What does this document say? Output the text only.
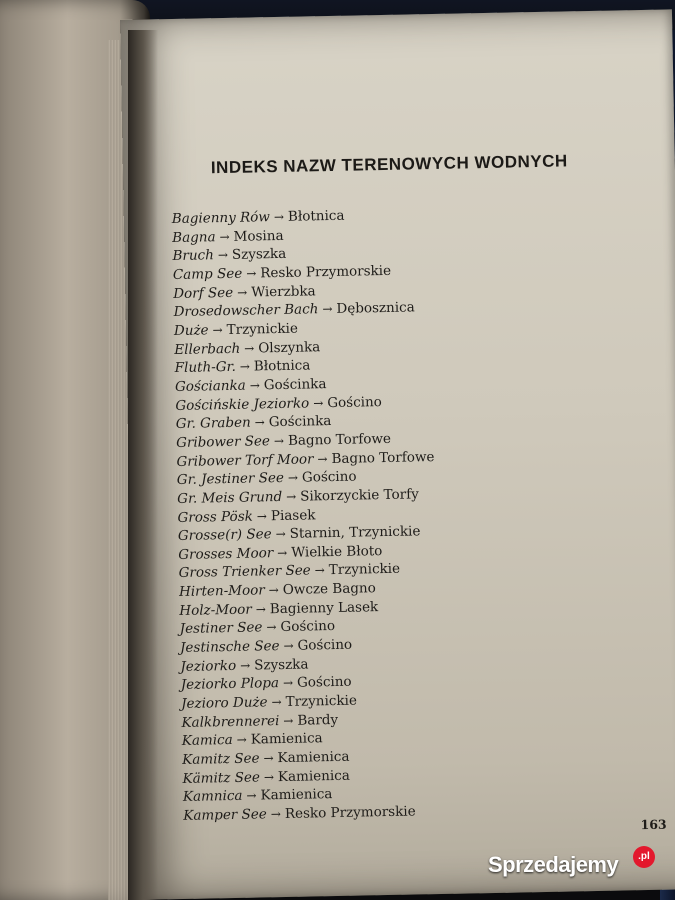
INDEKS NAZW TERENOWYCH WODNYCH
Bagienny Rów → Błotnica
Bagna → Mosina
Bruch → Szyszka
Camp See → Resko Przymorskie
Dorf See → Wierzbka
Drosedowscher Bach → Dębosznica
Duże → Trzynickie
Ellerbach → Olszynka
Fluth-Gr. → Błotnica
Gościanka → Gościnka
Gościńskie Jeziorko → Gościno
Gr. Graben → Gościnka
Gribower See → Bagno Torfowe
Gribower Torf Moor → Bagno Torfowe
Gr. Jestiner See → Gościno
Gr. Meis Grund → Sikorzyckie Torfy
Gross Pösk → Piasek
Grosse(r) See → Starnin, Trzynickie
Grosses Moor → Wielkie Błoto
Gross Trienker See → Trzynickie
Hirten-Moor → Owcze Bagno
Holz-Moor → Bagienny Lasek
Jestiner See → Gościno
Jestinsche See → Gościno
Jeziorko → Szyszka
Jeziorko Plopa → Gościno
Jezioro Duże → Trzynickie
Kalkbrennerei → Bardy
Kamica → Kamienica
Kamitz See → Kamienica
Kämitz See → Kamienica
Kamnica → Kamienica
Kamper See → Resko Przymorskie

163

Sprzedajemy	.pl
